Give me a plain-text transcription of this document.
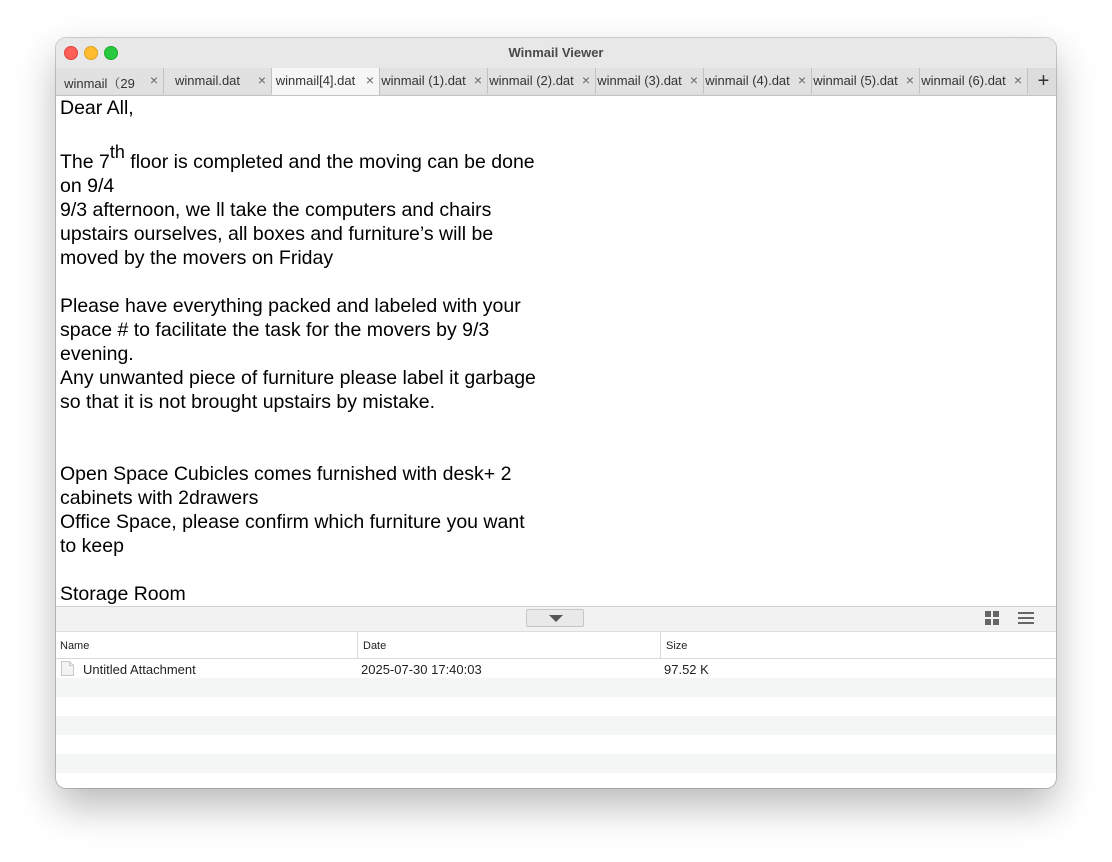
Winmail Viewer
winmail（29	×	winmail.dat	× winmail[4].dat × winmail (1).dat × winmail (2).dat × winmail (3).dat × winmail (4).dat × winmail (5).dat × winmail (6).dat × +

Dear All,

The 7th floor is completed and the moving can be done on 9/4

9/3 afternoon, we ll take the computers and chairs upstairs ourselves, all boxes and furniture’s will be moved by the movers on Friday

Please have everything packed and labeled with your space # to facilitate the task for the movers by 9/3 evening.

Any unwanted piece of furniture please label it garbage so that it is not brought upstairs by mistake.

Open Space Cubicles comes furnished with desk+ 2 cabinets with 2drawers

Office Space, please confirm which furniture you want to keep

Storage Room

Name	Date	Size
Untitled Attachment	2025-07-30 17:40:03	97.52 K
